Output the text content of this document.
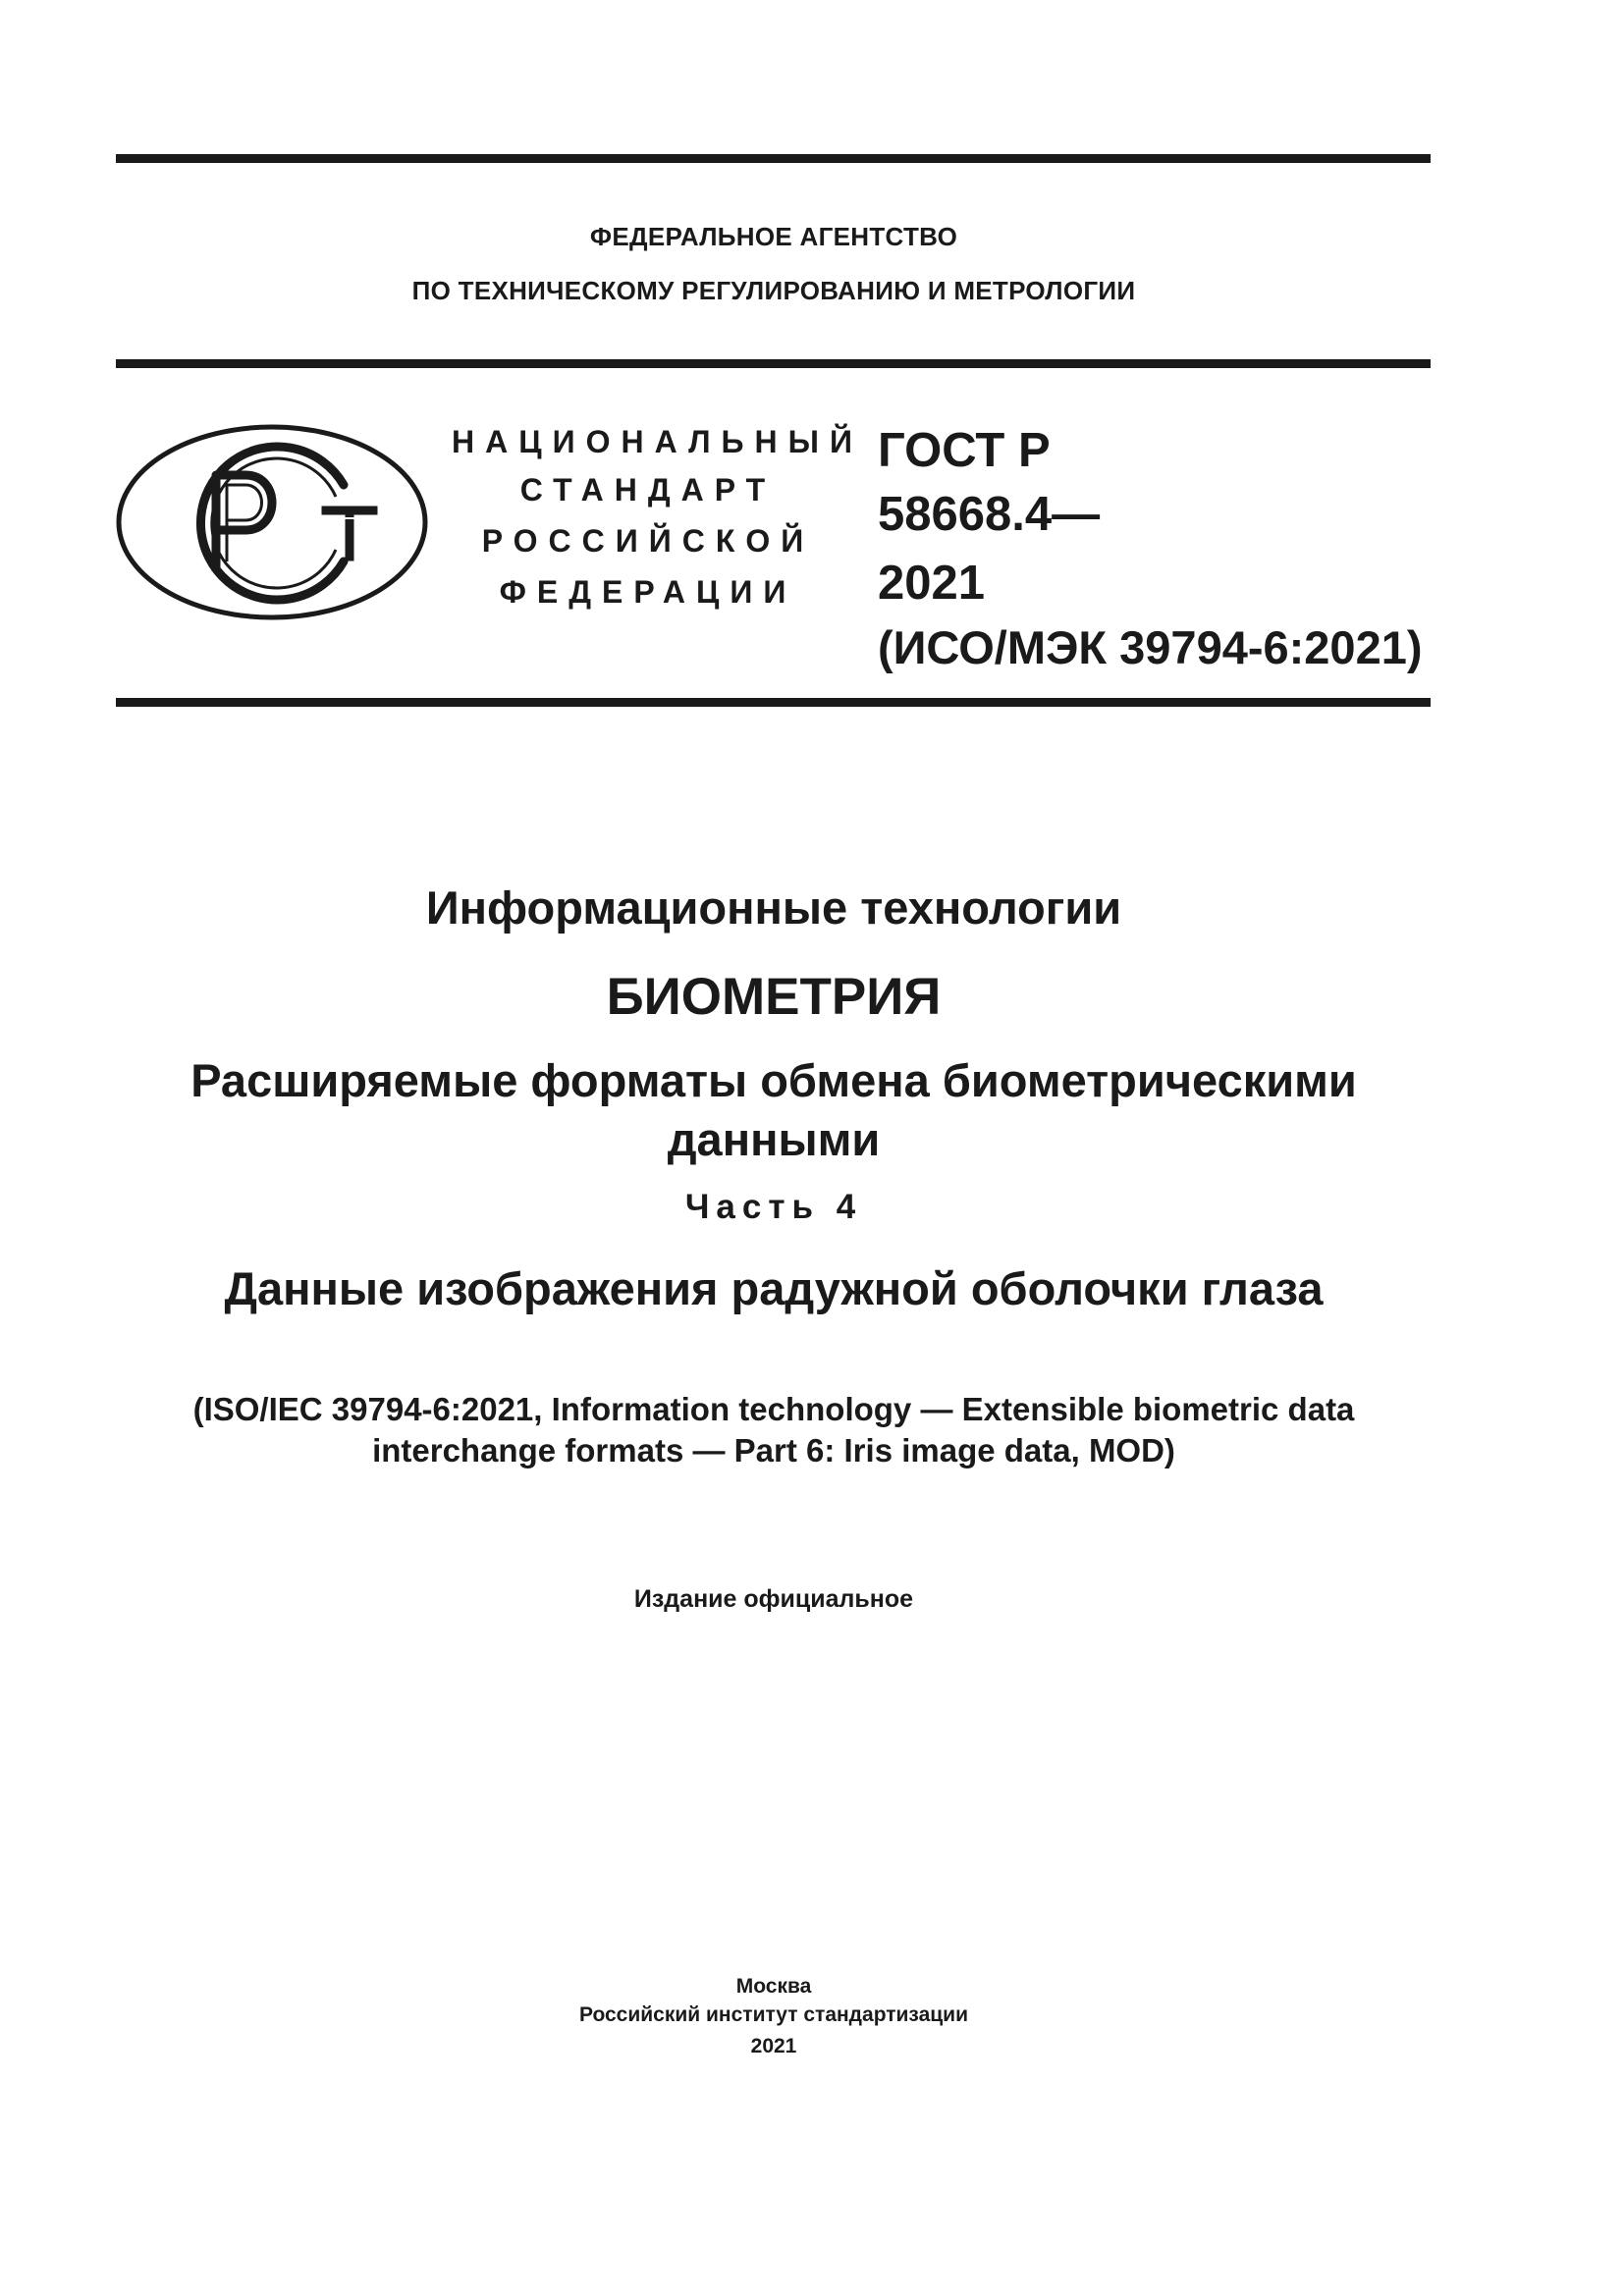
ФЕДЕРАЛЬНОЕ АГЕНТСТВО
ПО ТЕХНИЧЕСКОМУ РЕГУЛИРОВАНИЮ И МЕТРОЛОГИИ
НАЦИОНАЛЬНЫЙ
СТАНДАРТ
РОССИЙСКОЙ
ФЕДЕРАЦИИ
ГОСТ Р
58668.4—
2021
(ИСО/МЭК 39794-6:2021)
Информационные технологии
БИОМЕТРИЯ
Расширяемые форматы обмена биометрическими
данными
Часть 4
Данные изображения радужной оболочки глаза
(ISO/IEC 39794-6:2021, Information technology — Extensible biometric data
interchange formats — Part 6: Iris image data, MOD)
Издание официальное
Москва
Российский институт стандартизации
2021
